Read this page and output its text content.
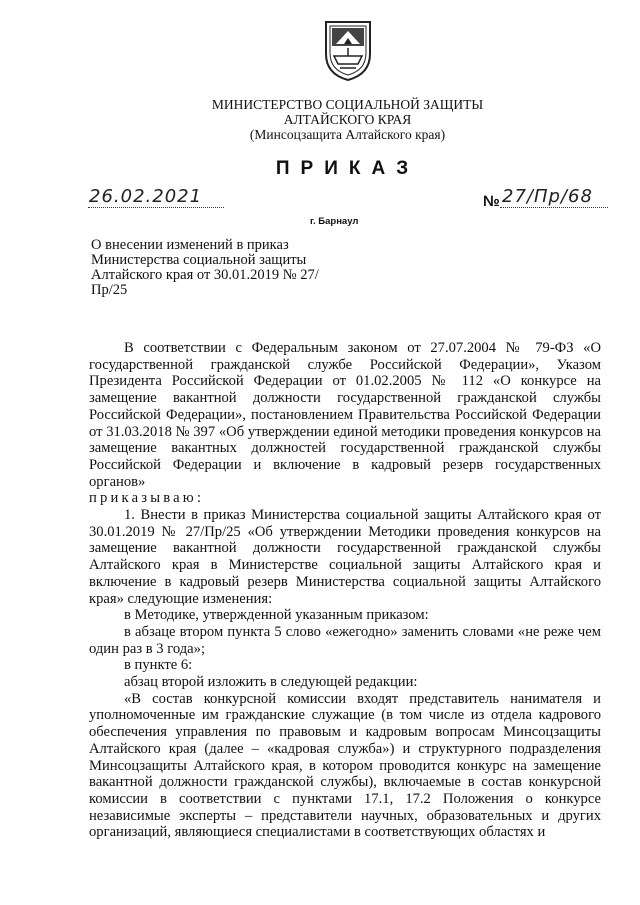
МИНИСТЕРСТВО СОЦИАЛЬНОЙ ЗАЩИТЫ
АЛТАЙСКОГО КРАЯ
(Минсоцзащита Алтайского края)
ПРИКАЗ
26.02.2021	№ 27/Пр/68
г. Барнаул
О внесении изменений в приказ Министерства социальной защиты Алтайского края от 30.01.2019 № 27/Пр/25

В соответствии с Федеральным законом от 27.07.2004 № 79-ФЗ «О государственной гражданской службе Российской Федерации», Указом Президента Российской Федерации от 01.02.2005 № 112 «О конкурсе на замещение вакантной должности государственной гражданской службы Российской Федерации», постановлением Правительства Российской Федерации от 31.03.2018 № 397 «Об утверждении единой методики проведения конкурсов на замещение вакантных должностей государственной гражданской службы Российской Федерации и включение в кадровый резерв государственных органов»

приказываю:

1. Внести в приказ Министерства социальной защиты Алтайского края от 30.01.2019 № 27/Пр/25 «Об утверждении Методики проведения конкурсов на замещение вакантной должности государственной гражданской службы Алтайского края в Министерстве социальной защиты Алтайского края и включение в кадровый резерв Министерства социальной защиты Алтайского края» следующие изменения:

в Методике, утвержденной указанным приказом:

в абзаце втором пункта 5 слово «ежегодно» заменить словами «не реже чем один раз в 3 года»;

в пункте 6:

абзац второй изложить в следующей редакции:

«В состав конкурсной комиссии входят представитель нанимателя и уполномоченные им гражданские служащие (в том числе из отдела кадрового обеспечения управления по правовым и кадровым вопросам Минсоцзащиты Алтайского края (далее – «кадровая служба») и структурного подразделения Минсоцзащиты Алтайского края, в котором проводится конкурс на замещение вакантной должности гражданской службы), включаемые в состав конкурсной комиссии в соответствии с пунктами 17.1, 17.2 Положения о конкурсе независимые эксперты – представители научных, образовательных и других организаций, являющиеся специалистами в соответствующих областях и
